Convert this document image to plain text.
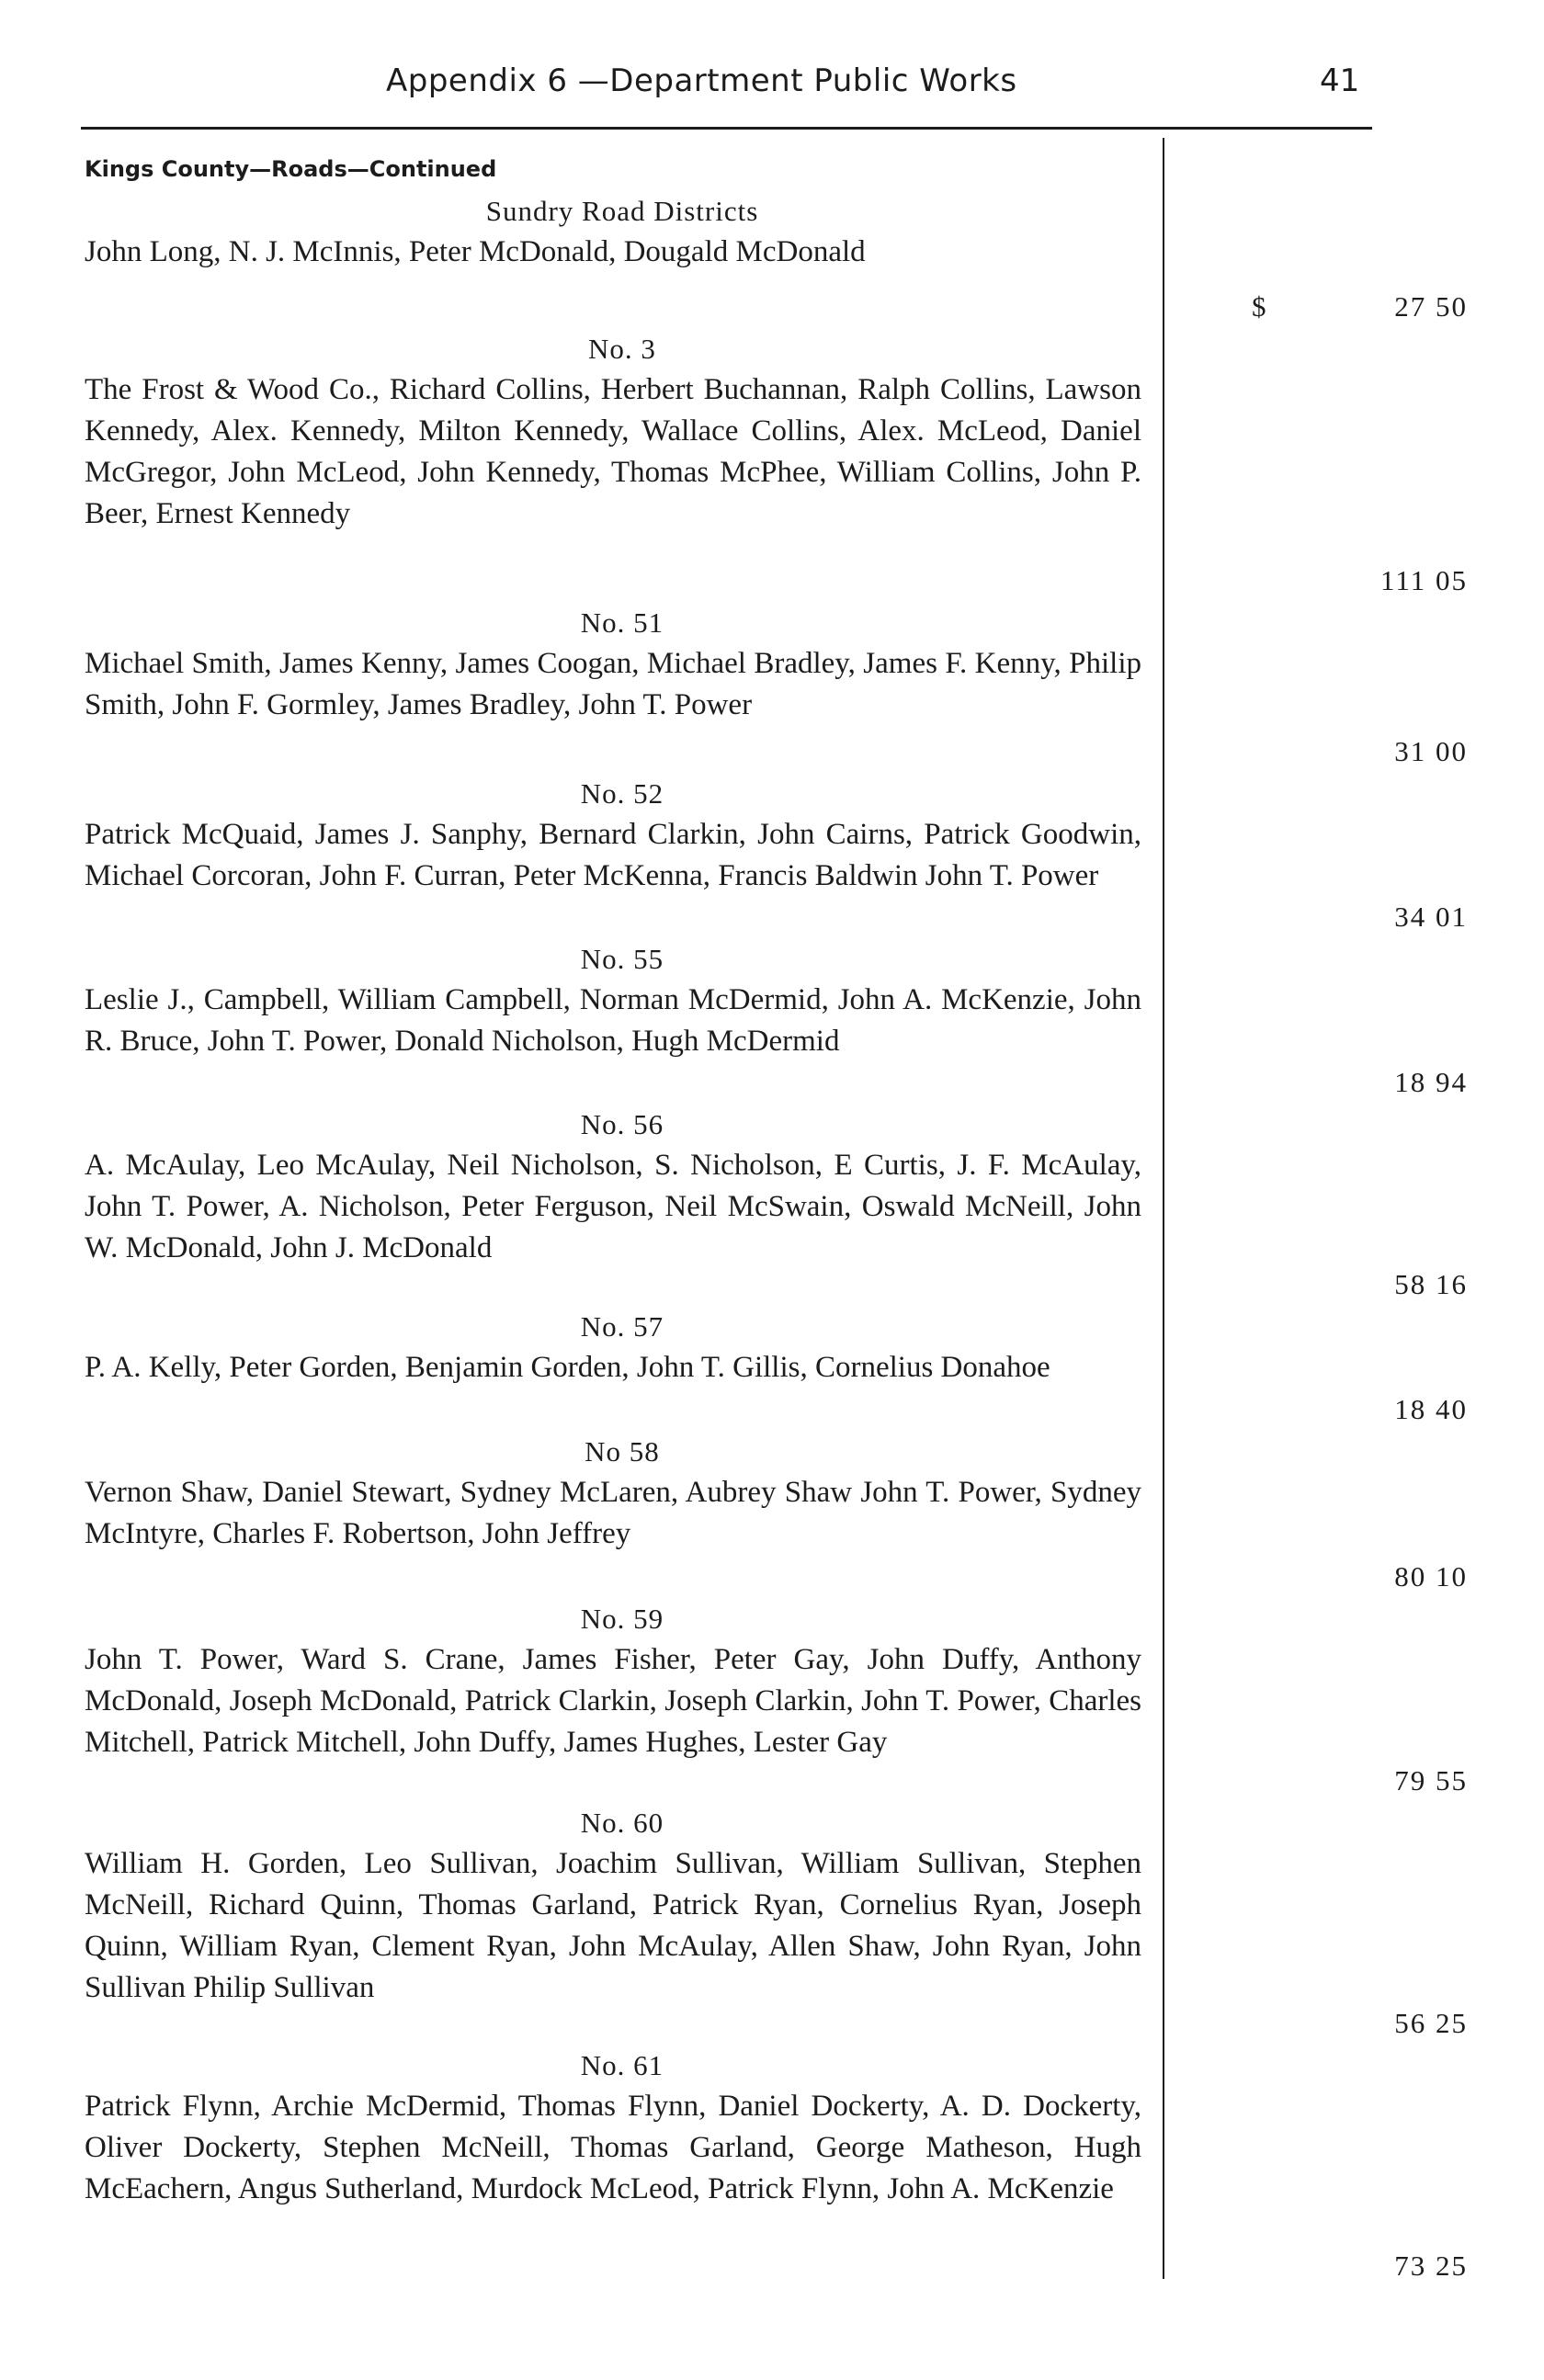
Appendix 6 —Department Public Works	41
Kings County—Roads—Continued
Sundry Road Districts

John Long, N. J. McInnis, Peter McDonald, Dougald McDonald

$	27 50
No. 3

The Frost & Wood Co., Richard Collins, Herbert Buchannan, Ralph Collins, Lawson Kennedy, Alex. Kennedy, Milton Kennedy, Wallace Collins, Alex. McLeod, Daniel McGregor, John McLeod, John Kennedy, Thomas McPhee, William Collins, John P. Beer, Ernest Kennedy

111 05
No. 51

Michael Smith, James Kenny, James Coogan, Michael Bradley, James F. Kenny, Philip Smith, John F. Gormley, James Bradley, John T. Power

31 00
No. 52

Patrick McQuaid, James J. Sanphy, Bernard Clarkin, John Cairns, Patrick Goodwin, Michael Corcoran, John F. Curran, Peter McKenna, Francis Baldwin John T. Power

34 01
No. 55

Leslie J., Campbell, William Campbell, Norman McDermid, John A. McKenzie, John R. Bruce, John T. Power, Donald Nicholson, Hugh McDermid

18 94
No. 56

A. McAulay, Leo McAulay, Neil Nicholson, S. Nicholson, E Curtis, J. F. McAulay, John T. Power, A. Nicholson, Peter Ferguson, Neil McSwain, Oswald McNeill, John W. McDonald, John J. McDonald

58 16
No. 57

P. A. Kelly, Peter Gorden, Benjamin Gorden, John T. Gillis, Cornelius Donahoe

18 40
No 58

Vernon Shaw, Daniel Stewart, Sydney McLaren, Aubrey Shaw John T. Power, Sydney McIntyre, Charles F. Robertson, John Jeffrey

80 10
No. 59

John T. Power, Ward S. Crane, James Fisher, Peter Gay, John Duffy, Anthony McDonald, Joseph McDonald, Patrick Clarkin, Joseph Clarkin, John T. Power, Charles Mitchell, Patrick Mitchell, John Duffy, James Hughes, Lester Gay

79 55
No. 60

William H. Gorden, Leo Sullivan, Joachim Sullivan, William Sullivan, Stephen McNeill, Richard Quinn, Thomas Garland, Patrick Ryan, Cornelius Ryan, Joseph Quinn, William Ryan, Clement Ryan, John McAulay, Allen Shaw, John Ryan, John Sullivan Philip Sullivan

56 25
No. 61

Patrick Flynn, Archie McDermid, Thomas Flynn, Daniel Dockerty, A. D. Dockerty, Oliver Dockerty, Stephen McNeill, Thomas Garland, George Matheson, Hugh McEachern, Angus Sutherland, Murdock McLeod, Patrick Flynn, John A. McKenzie

73 25
